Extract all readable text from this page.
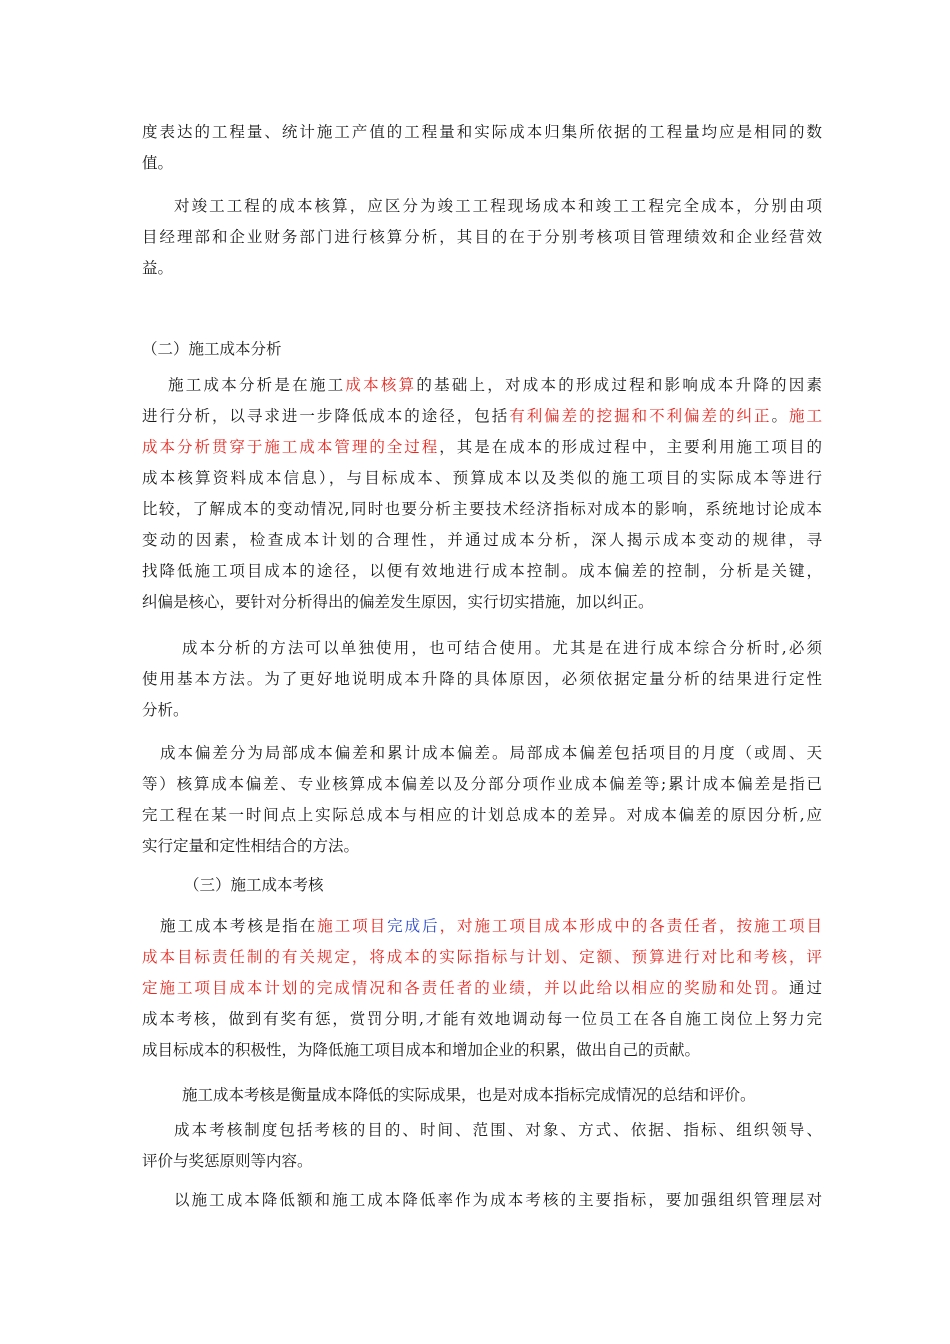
度表达的工程量、统计施工产值的工程量和实际成本归集所依据的工程量均应是相同的数
值。
对竣工工程的成本核算，应区分为竣工工程现场成本和竣工工程完全成本，分别由项
目经理部和企业财务部门进行核算分析，其目的在于分别考核项目管理绩效和企业经营效
益。
（二）施工成本分析
施工成本分析是在施工成本核算的基础上，对成本的形成过程和影响成本升降的因素
进行分析，以寻求进一步降低成本的途径，包括有利偏差的挖掘和不利偏差的纠正。施工
成本分析贯穿于施工成本管理的全过程，其是在成本的形成过程中，主要利用施工项目的
成本核算资料成本信息），与目标成本、预算成本以及类似的施工项目的实际成本等进行
比较，了解成本的变动情况,同时也要分析主要技术经济指标对成本的影响，系统地讨论成本
变动的因素，检查成本计划的合理性，并通过成本分析，深人揭示成本变动的规律，寻
找降低施工项目成本的途径，以便有效地进行成本控制。成本偏差的控制，分析是关键，
纠偏是核心，要针对分析得出的偏差发生原因，实行切实措施，加以纠正。
成本分析的方法可以单独使用，也可结合使用。尤其是在进行成本综合分析时,必须
使用基本方法。为了更好地说明成本升降的具体原因，必须依据定量分析的结果进行定性
分析。
成本偏差分为局部成本偏差和累计成本偏差。局部成本偏差包括项目的月度（或周、天
等）核算成本偏差、专业核算成本偏差以及分部分项作业成本偏差等;累计成本偏差是指已
完工程在某一时间点上实际总成本与相应的计划总成本的差异。对成本偏差的原因分析,应
实行定量和定性相结合的方法。
（三）施工成本考核
施工成本考核是指在施工项目完成后，对施工项目成本形成中的各责任者，按施工项目
成本目标责任制的有关规定，将成本的实际指标与计划、定额、预算进行对比和考核，评
定施工项目成本计划的完成情况和各责任者的业绩，并以此给以相应的奖励和处罚。通过
成本考核，做到有奖有惩，赏罚分明,才能有效地调动每一位员工在各自施工岗位上努力完
成目标成本的积极性，为降低施工项目成本和增加企业的积累，做出自己的贡献。
施工成本考核是衡量成本降低的实际成果，也是对成本指标完成情况的总结和评价。
成本考核制度包括考核的目的、时间、范围、对象、方式、依据、指标、组织领导、
评价与奖惩原则等内容。
以施工成本降低额和施工成本降低率作为成本考核的主要指标，要加强组织管理层对
